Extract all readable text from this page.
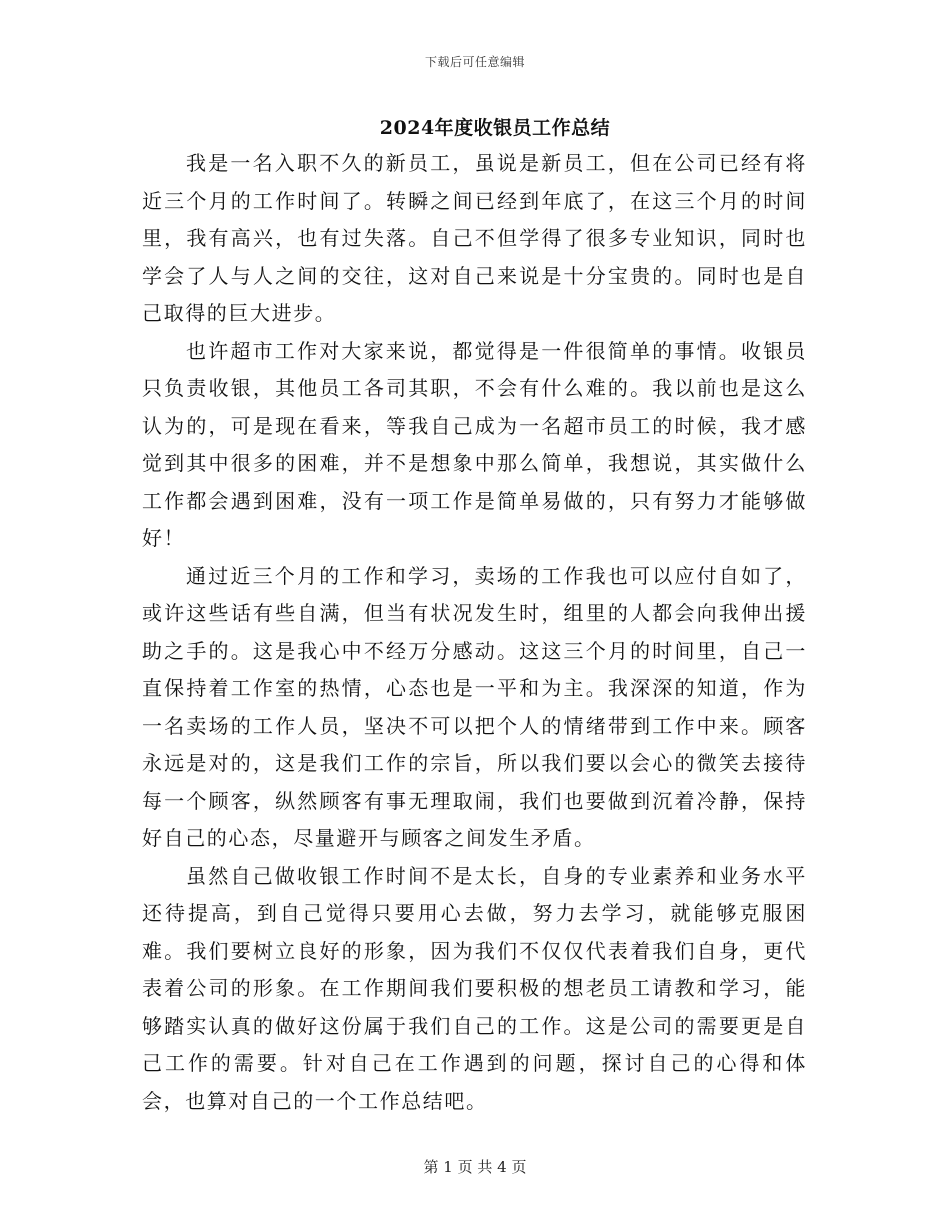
下载后可任意编辑
2024年度收银员工作总结

我是一名入职不久的新员工，虽说是新员工，但在公司已经有将近三个月的工作时间了。转瞬之间已经到年底了，在这三个月的时间里，我有高兴，也有过失落。自己不但学得了很多专业知识，同时也学会了人与人之间的交往，这对自己来说是十分宝贵的。同时也是自己取得的巨大进步。

也许超市工作对大家来说，都觉得是一件很简单的事情。收银员只负责收银，其他员工各司其职，不会有什么难的。我以前也是这么认为的，可是现在看来，等我自己成为一名超市员工的时候，我才感觉到其中很多的困难，并不是想象中那么简单，我想说，其实做什么工作都会遇到困难，没有一项工作是简单易做的，只有努力才能够做好！

通过近三个月的工作和学习，卖场的工作我也可以应付自如了，或许这些话有些自满，但当有状况发生时，组里的人都会向我伸出援助之手的。这是我心中不经万分感动。这这三个月的时间里，自己一直保持着工作室的热情，心态也是一平和为主。我深深的知道，作为一名卖场的工作人员，坚决不可以把个人的情绪带到工作中来。顾客永远是对的，这是我们工作的宗旨，所以我们要以会心的微笑去接待每一个顾客，纵然顾客有事无理取闹，我们也要做到沉着冷静，保持好自己的心态，尽量避开与顾客之间发生矛盾。

虽然自己做收银工作时间不是太长，自身的专业素养和业务水平还待提高，到自己觉得只要用心去做，努力去学习，就能够克服困难。我们要树立良好的形象，因为我们不仅仅代表着我们自身，更代表着公司的形象。在工作期间我们要积极的想老员工请教和学习，能够踏实认真的做好这份属于我们自己的工作。这是公司的需要更是自己工作的需要。针对自己在工作遇到的问题，探讨自己的心得和体会，也算对自己的一个工作总结吧。

第 1 页 共 4 页
